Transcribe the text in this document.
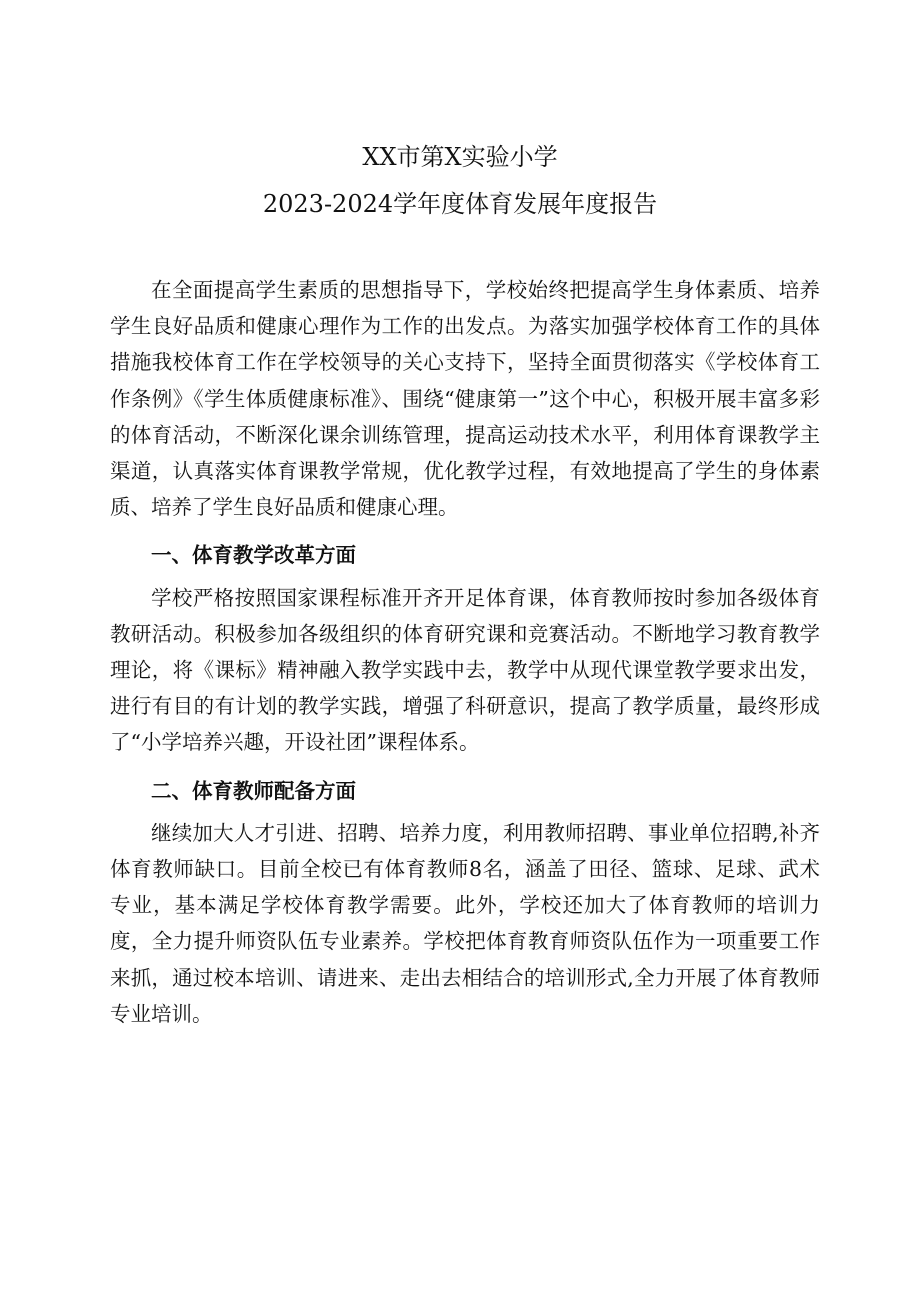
XX市第X实验小学
2023-2024学年度体育发展年度报告

在全面提高学生素质的思想指导下，学校始终把提高学生身体素质、培养学生良好品质和健康心理作为工作的出发点。为落实加强学校体育工作的具体措施我校体育工作在学校领导的关心支持下，坚持全面贯彻落实《学校体育工作条例》《学生体质健康标准》、围绕“健康第一”这个中心，积极开展丰富多彩的体育活动，不断深化课余训练管理，提高运动技术水平，利用体育课教学主渠道，认真落实体育课教学常规，优化教学过程，有效地提高了学生的身体素质、培养了学生良好品质和健康心理。

一、体育教学改革方面

学校严格按照国家课程标准开齐开足体育课，体育教师按时参加各级体育教研活动。积极参加各级组织的体育研究课和竞赛活动。不断地学习教育教学理论，将《课标》精神融入教学实践中去，教学中从现代课堂教学要求出发，进行有目的有计划的教学实践，增强了科研意识，提高了教学质量，最终形成了“小学培养兴趣，开设社团”课程体系。

二、体育教师配备方面

继续加大人才引进、招聘、培养力度，利用教师招聘、事业单位招聘,补齐体育教师缺口。目前全校已有体育教师8名，涵盖了田径、篮球、足球、武术专业，基本满足学校体育教学需要。此外，学校还加大了体育教师的培训力度，全力提升师资队伍专业素养。学校把体育教育师资队伍作为一项重要工作来抓，通过校本培训、请进来、走出去相结合的培训形式,全力开展了体育教师专业培训。
